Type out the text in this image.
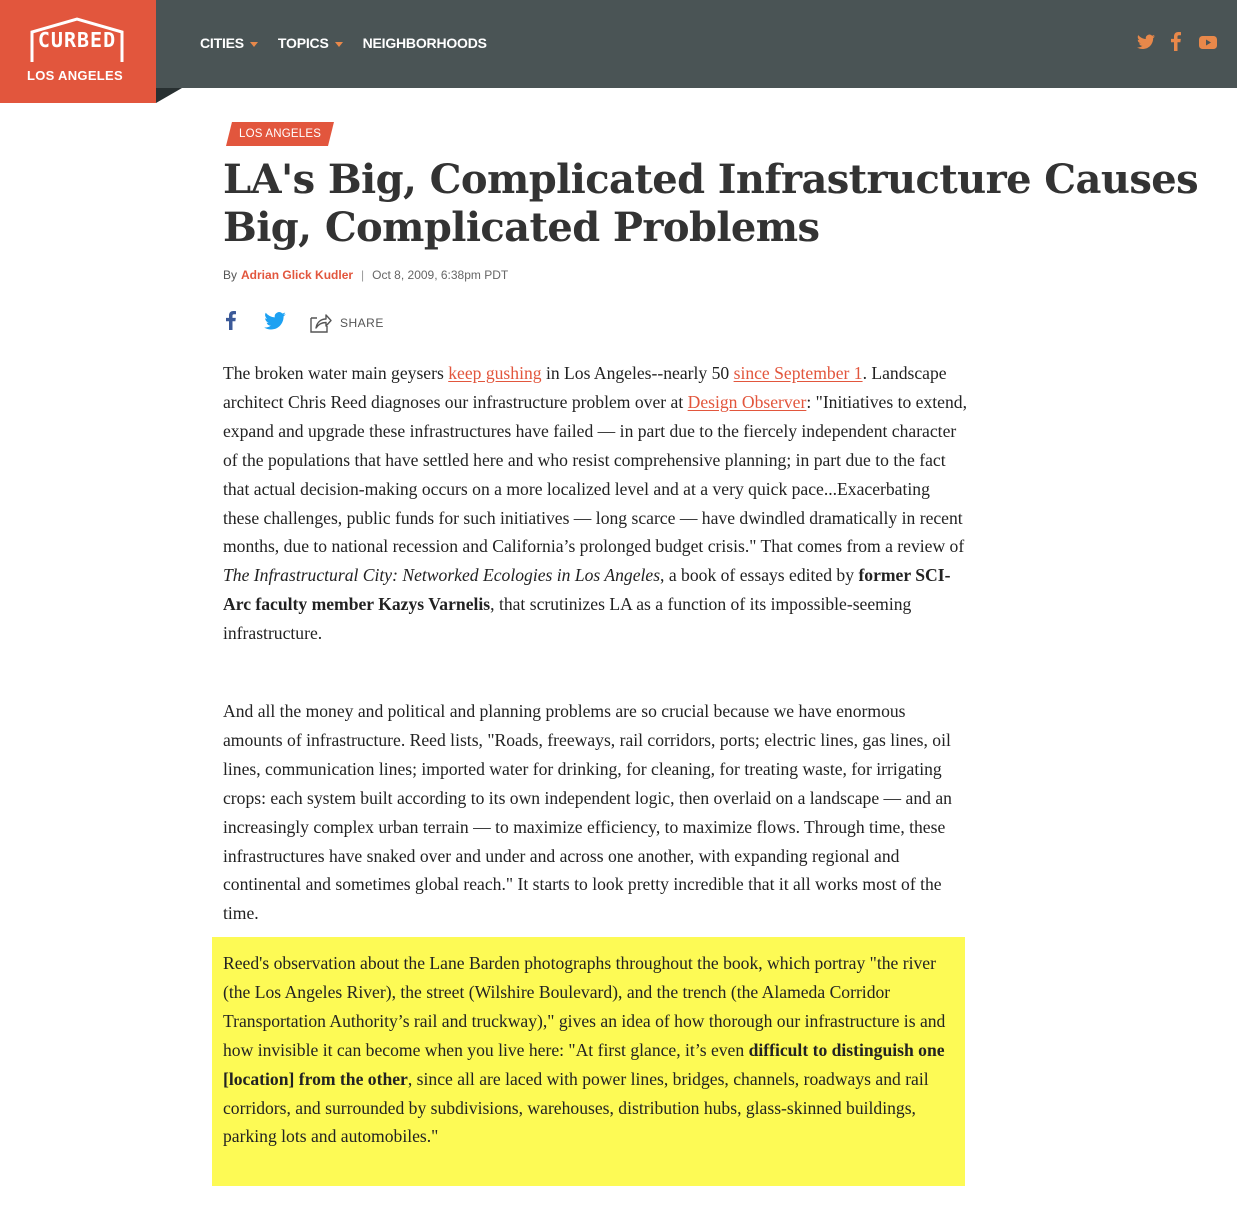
CURBED
LOS ANGELES
CITIES TOPICS NEIGHBORHOODS
LOS ANGELES
LA's Big, Complicated Infrastructure Causes Big, Complicated Problems
By Adrian Glick Kudler | Oct 8, 2009, 6:38pm PDT
SHARE

The broken water main geysers keep gushing in Los Angeles--nearly 50 since September 1. Landscape architect Chris Reed diagnoses our infrastructure problem over at Design Observer: "Initiatives to extend, expand and upgrade these infrastructures have failed — in part due to the fiercely independent character of the populations that have settled here and who resist comprehensive planning; in part due to the fact that actual decision-making occurs on a more localized level and at a very quick pace...Exacerbating these challenges, public funds for such initiatives — long scarce — have dwindled dramatically in recent months, due to national recession and California’s prolonged budget crisis." That comes from a review of The Infrastructural City: Networked Ecologies in Los Angeles, a book of essays edited by former SCI-Arc faculty member Kazys Varnelis, that scrutinizes LA as a function of its impossible-seeming infrastructure.

And all the money and political and planning problems are so crucial because we have enormous amounts of infrastructure. Reed lists, "Roads, freeways, rail corridors, ports; electric lines, gas lines, oil lines, communication lines; imported water for drinking, for cleaning, for treating waste, for irrigating crops: each system built according to its own independent logic, then overlaid on a landscape — and an increasingly complex urban terrain — to maximize efficiency, to maximize flows. Through time, these infrastructures have snaked over and under and across one another, with expanding regional and continental and sometimes global reach." It starts to look pretty incredible that it all works most of the time.

Reed's observation about the Lane Barden photographs throughout the book, which portray "the river (the Los Angeles River), the street (Wilshire Boulevard), and the trench (the Alameda Corridor Transportation Authority’s rail and truckway)," gives an idea of how thorough our infrastructure is and how invisible it can become when you live here: "At first glance, it’s even difficult to distinguish one [location] from the other, since all are laced with power lines, bridges, channels, roadways and rail corridors, and surrounded by subdivisions, warehouses, distribution hubs, glass-skinned buildings, parking lots and automobiles."
